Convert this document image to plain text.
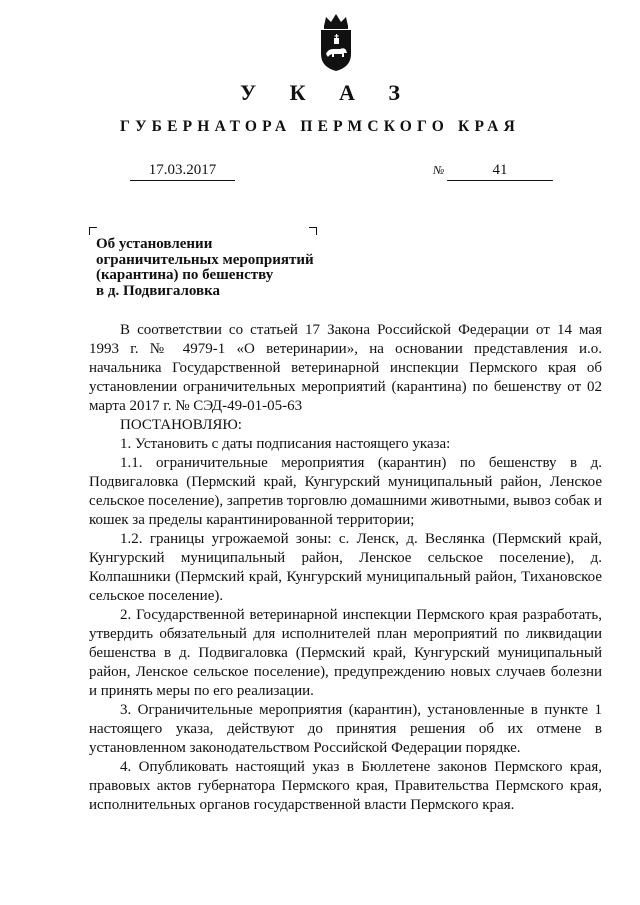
У К А З
ГУБЕРНАТОРА ПЕРМСКОГО КРАЯ
17.03.2017	№	41
Об установлении
ограничительных мероприятий
(карантина) по бешенству
в д. Подвигаловка

В соответствии со статьей 17 Закона Российской Федерации от 14 мая 1993 г. № 4979-1 «О ветеринарии», на основании представления и.о. начальника Государственной ветеринарной инспекции Пермского края об установлении ограничительных мероприятий (карантина) по бешенству от 02 марта 2017 г. № СЭД-49-01-05-63

ПОСТАНОВЛЯЮ:

1. Установить с даты подписания настоящего указа:

1.1. ограничительные мероприятия (карантин) по бешенству в д. Подвигаловка (Пермский край, Кунгурский муниципальный район, Ленское сельское поселение), запретив торговлю домашними животными, вывоз собак и кошек за пределы карантинированной территории;

1.2. границы угрожаемой зоны: с. Ленск, д. Веслянка (Пермский край, Кунгурский муниципальный район, Ленское сельское поселение), д. Колпашники (Пермский край, Кунгурский муниципальный район, Тихановское сельское поселение).

2. Государственной ветеринарной инспекции Пермского края разработать, утвердить обязательный для исполнителей план мероприятий по ликвидации бешенства в д. Подвигаловка (Пермский край, Кунгурский муниципальный район, Ленское сельское поселение), предупреждению новых случаев болезни и принять меры по его реализации.

3. Ограничительные мероприятия (карантин), установленные в пункте 1 настоящего указа, действуют до принятия решения об их отмене в установленном законодательством Российской Федерации порядке.

4. Опубликовать настоящий указ в Бюллетене законов Пермского края, правовых актов губернатора Пермского края, Правительства Пермского края, исполнительных органов государственной власти Пермского края.
